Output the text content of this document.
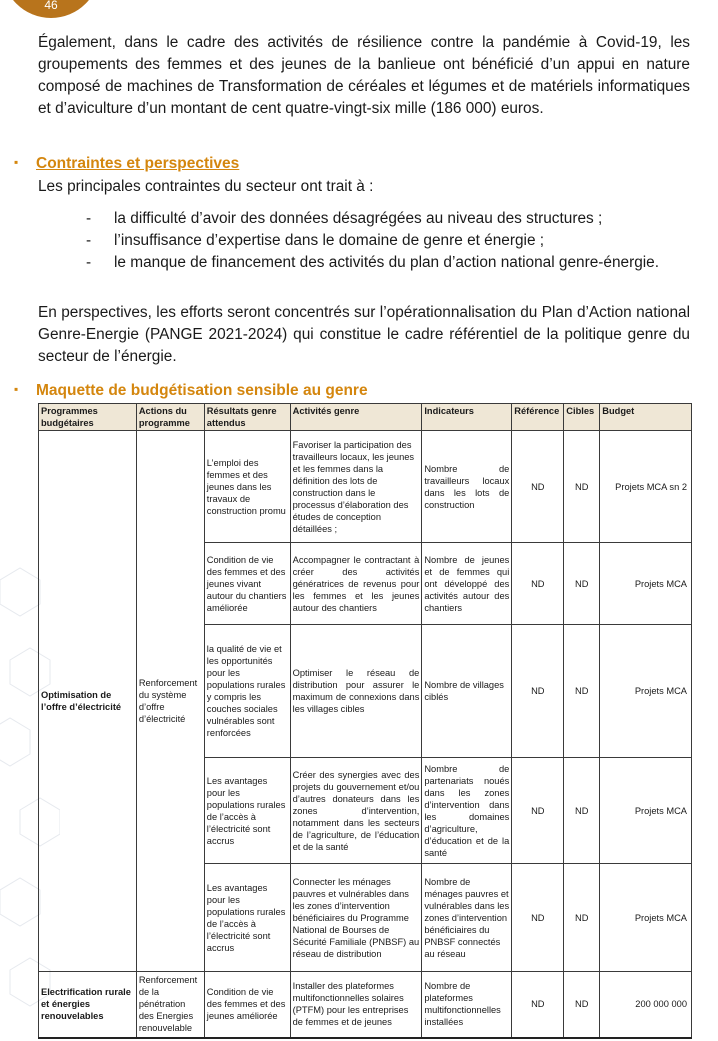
46
Également, dans le cadre des activités de résilience contre la pandémie à Covid-19, les groupements des femmes et des jeunes de la banlieue ont bénéficié d’un appui en nature composé de machines de Transformation de céréales et légumes et de matériels informatiques et d’aviculture d’un montant de cent quatre-vingt-six mille (186 000) euros.
▪ Contraintes et perspectives
Les principales contraintes du secteur ont trait à :
-	la difficulté d’avoir des données désagrégées au niveau des structures ;
-	l’insuffisance d’expertise dans le domaine de genre et énergie ;
-	le manque de financement des activités du plan d’action national genre-énergie.
En perspectives, les efforts seront concentrés sur l’opérationnalisation du Plan d’Action national Genre-Energie (PANGE 2021-2024) qui constitue le cadre référentiel de la politique genre du secteur de l’énergie.
▪ Maquette de budgétisation sensible au genre
Programmes budgétaires	Actions du programme	Résultats genre attendus	Activités genre	Indicateurs	Référence	Cibles	Budget
Optimisation de l’offre d’électricité	Renforcement du système d’offre d’électricité	L’emploi des femmes et des jeunes dans les travaux de construction promu	Favoriser la participation des travailleurs locaux, les jeunes et les femmes dans la définition des lots de construction dans le processus d’élaboration des études de conception détaillées ;	Nombre de travailleurs locaux dans les lots de construction	ND	ND	Projets MCA sn 2
		Condition de vie des femmes et des jeunes vivant autour du chantiers améliorée	Accompagner le contractant à créer des activités génératrices de revenus pour les femmes et les jeunes autour des chantiers	Nombre de jeunes et de femmes qui ont développé des activités autour des chantiers	ND	ND	Projets MCA
		la qualité de vie et les opportunités pour les populations rurales y compris les couches sociales vulnérables sont renforcées	Optimiser le réseau de distribution pour assurer le maximum de connexions dans les villages cibles	Nombre de villages ciblés	ND	ND	Projets MCA
		Les avantages pour les populations rurales de l’accès à l’électricité sont accrus	Créer des synergies avec des projets du gouvernement et/ou d’autres donateurs dans les zones d’intervention, notamment dans les secteurs de l’agriculture, de l’éducation et de la santé	Nombre de partenariats noués dans les zones d’intervention dans les domaines d’agriculture, d’éducation et de la santé	ND	ND	Projets MCA
		Les avantages pour les populations rurales de l’accès à l’électricité sont accrus	Connecter les ménages pauvres et vulnérables dans les zones d’intervention bénéficiaires du Programme National de Bourses de Sécurité Familiale (PNBSF) au réseau de distribution	Nombre de ménages pauvres et vulnérables dans les zones d’intervention bénéficiaires du PNBSF connectés au réseau	ND	ND	Projets MCA
Electrification rurale et énergies renouvelables	Renforcement de la pénétration des Energies renouvelable	Condition de vie des femmes et des jeunes améliorée	Installer des plateformes multifonctionnelles solaires (PTFM) pour les entreprises de femmes et de jeunes	Nombre de plateformes multifonctionnelles installées	ND	ND	200 000 000
